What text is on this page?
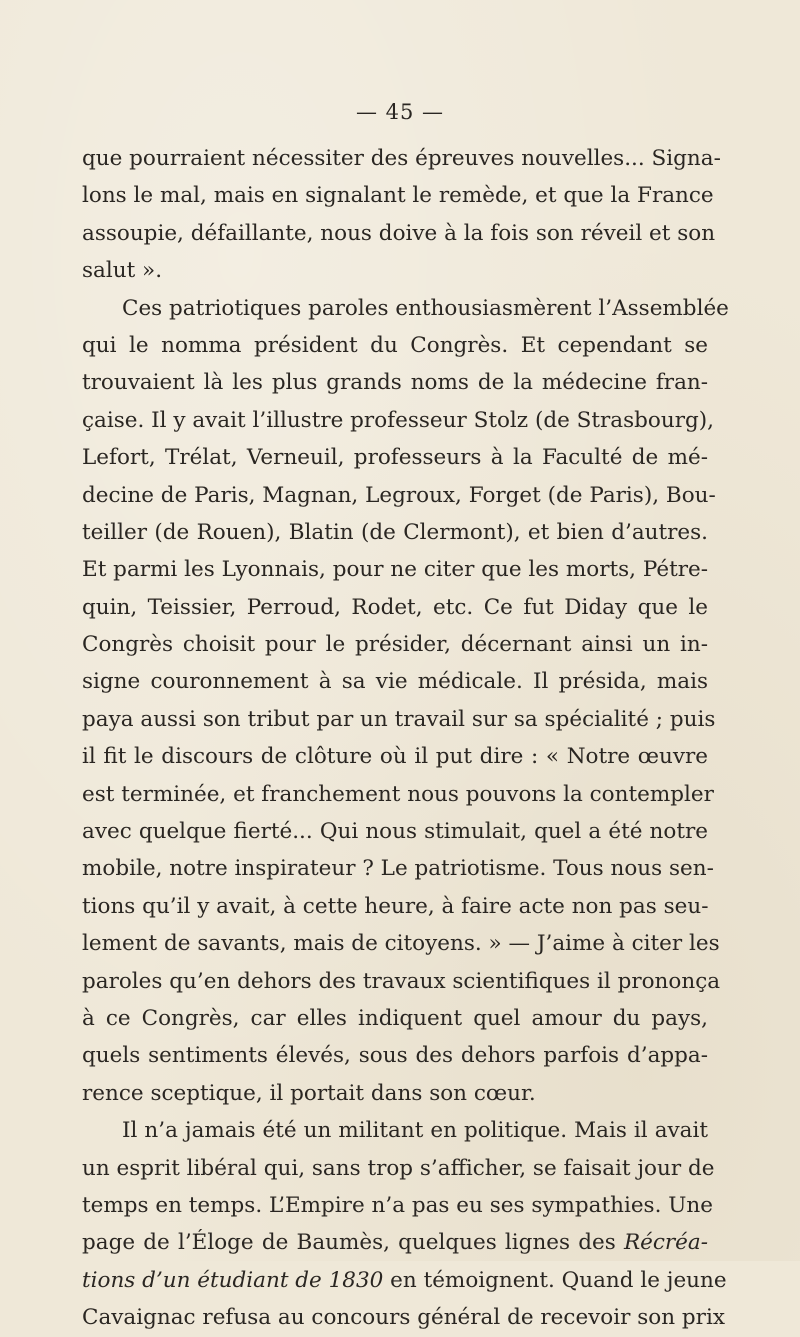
— 45 —
que pourraient nécessiter des épreuves nouvelles... Signa-
lons le mal, mais en signalant le remède, et que la France
assoupie, défaillante, nous doive à la fois son réveil et son
salut ».
Ces patriotiques paroles enthousiasmèrent l’Assemblée
qui le nomma président du Congrès. Et cependant se
trouvaient là les plus grands noms de la médecine fran-
çaise. Il y avait l’illustre professeur Stolz (de Strasbourg),
Lefort, Trélat, Verneuil, professeurs à la Faculté de mé-
decine de Paris, Magnan, Legroux, Forget (de Paris), Bou-
teiller (de Rouen), Blatin (de Clermont), et bien d’autres.
Et parmi les Lyonnais, pour ne citer que les morts, Pétre-
quin, Teissier, Perroud, Rodet, etc. Ce fut Diday que le
Congrès choisit pour le présider, décernant ainsi un in-
signe couronnement à sa vie médicale. Il présida, mais
paya aussi son tribut par un travail sur sa spécialité ; puis
il fit le discours de clôture où il put dire : « Notre œuvre
est terminée, et franchement nous pouvons la contempler
avec quelque fierté... Qui nous stimulait, quel a été notre
mobile, notre inspirateur ? Le patriotisme. Tous nous sen-
tions qu’il y avait, à cette heure, à faire acte non pas seu-
lement de savants, mais de citoyens. » — J’aime à citer les
paroles qu’en dehors des travaux scientifiques il prononça
à ce Congrès, car elles indiquent quel amour du pays,
quels sentiments élevés, sous des dehors parfois d’appa-
rence sceptique, il portait dans son cœur.
Il n’a jamais été un militant en politique. Mais il avait
un esprit libéral qui, sans trop s’afficher, se faisait jour de
temps en temps. L’Empire n’a pas eu ses sympathies. Une
page de l’Éloge de Baumès, quelques lignes des Récréa-
tions d’un étudiant de 1830 en témoignent. Quand le jeune
Cavaignac refusa au concours général de recevoir son prix
